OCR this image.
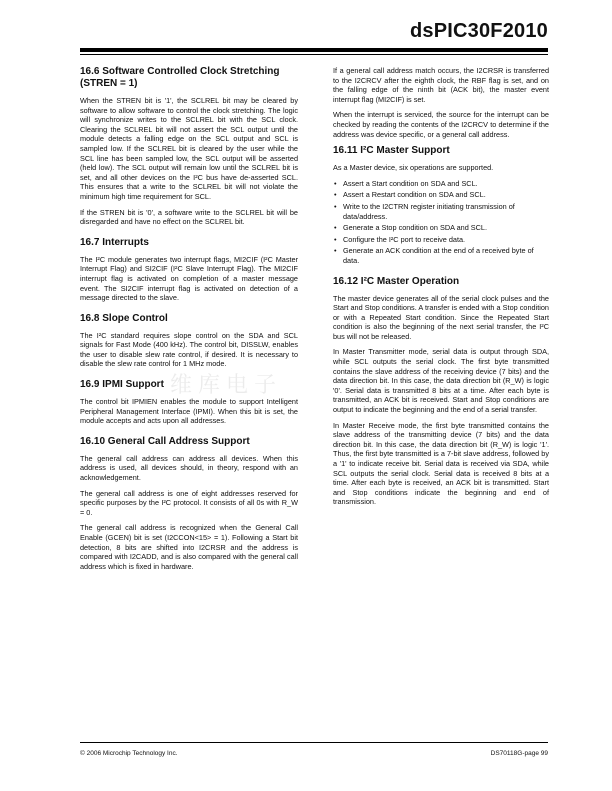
dsPIC30F2010
维库电子
16.6 Software Controlled Clock Stretching (STREN = 1)

When the STREN bit is '1', the SCLREL bit may be cleared by software to allow software to control the clock stretching. The logic will synchronize writes to the SCLREL bit with the SCL clock. Clearing the SCLREL bit will not assert the SCL output until the module detects a falling edge on the SCL output and SCL is sampled low. If the SCLREL bit is cleared by the user while the SCL line has been sampled low, the SCL output will be asserted (held low). The SCL output will remain low until the SCLREL bit is set, and all other devices on the I²C bus have de-asserted SCL. This ensures that a write to the SCLREL bit will not violate the minimum high time requirement for SCL.

If the STREN bit is '0', a software write to the SCLREL bit will be disregarded and have no effect on the SCLREL bit.

16.7 Interrupts

The I²C module generates two interrupt flags, MI2CIF (I²C Master Interrupt Flag) and SI2CIF (I²C Slave Interrupt Flag). The MI2CIF interrupt flag is activated on completion of a master message event. The SI2CIF interrupt flag is activated on detection of a message directed to the slave.

16.8 Slope Control

The I²C standard requires slope control on the SDA and SCL signals for Fast Mode (400 kHz). The control bit, DISSLW, enables the user to disable slew rate control, if desired. It is necessary to disable the slew rate control for 1 MHz mode.

16.9 IPMI Support

The control bit IPMIEN enables the module to support Intelligent Peripheral Management Interface (IPMI). When this bit is set, the module accepts and acts upon all addresses.

16.10 General Call Address Support

The general call address can address all devices. When this address is used, all devices should, in theory, respond with an acknowledgement.

The general call address is one of eight addresses reserved for specific purposes by the I²C protocol. It consists of all 0s with R_W = 0.

The general call address is recognized when the General Call Enable (GCEN) bit is set (I2CCON<15> = 1). Following a Start bit detection, 8 bits are shifted into I2CRSR and the address is compared with I2CADD, and is also compared with the general call address which is fixed in hardware.

If a general call address match occurs, the I2CRSR is transferred to the I2CRCV after the eighth clock, the RBF flag is set, and on the falling edge of the ninth bit (ACK bit), the master event interrupt flag (MI2CIF) is set.

When the interrupt is serviced, the source for the interrupt can be checked by reading the contents of the I2CRCV to determine if the address was device specific, or a general call address.

16.11 I²C Master Support

As a Master device, six operations are supported.

• Assert a Start condition on SDA and SCL.
• Assert a Restart condition on SDA and SCL.
• Write to the I2CTRN register initiating transmission of data/address.
• Generate a Stop condition on SDA and SCL.
• Configure the I²C port to receive data.
• Generate an ACK condition at the end of a received byte of data.
16.12 I²C Master Operation

The master device generates all of the serial clock pulses and the Start and Stop conditions. A transfer is ended with a Stop condition or with a Repeated Start condition. Since the Repeated Start condition is also the beginning of the next serial transfer, the I²C bus will not be released.

In Master Transmitter mode, serial data is output through SDA, while SCL outputs the serial clock. The first byte transmitted contains the slave address of the receiving device (7 bits) and the data direction bit. In this case, the data direction bit (R_W) is logic '0'. Serial data is transmitted 8 bits at a time. After each byte is transmitted, an ACK bit is received. Start and Stop conditions are output to indicate the beginning and the end of a serial transfer.

In Master Receive mode, the first byte transmitted contains the slave address of the transmitting device (7 bits) and the data direction bit. In this case, the data direction bit (R_W) is logic '1'. Thus, the first byte transmitted is a 7-bit slave address, followed by a '1' to indicate receive bit. Serial data is received via SDA, while SCL outputs the serial clock. Serial data is received 8 bits at a time. After each byte is received, an ACK bit is transmitted. Start and Stop conditions indicate the beginning and end of transmission.

© 2006 Microchip Technology Inc.	DS70118G-page 99
